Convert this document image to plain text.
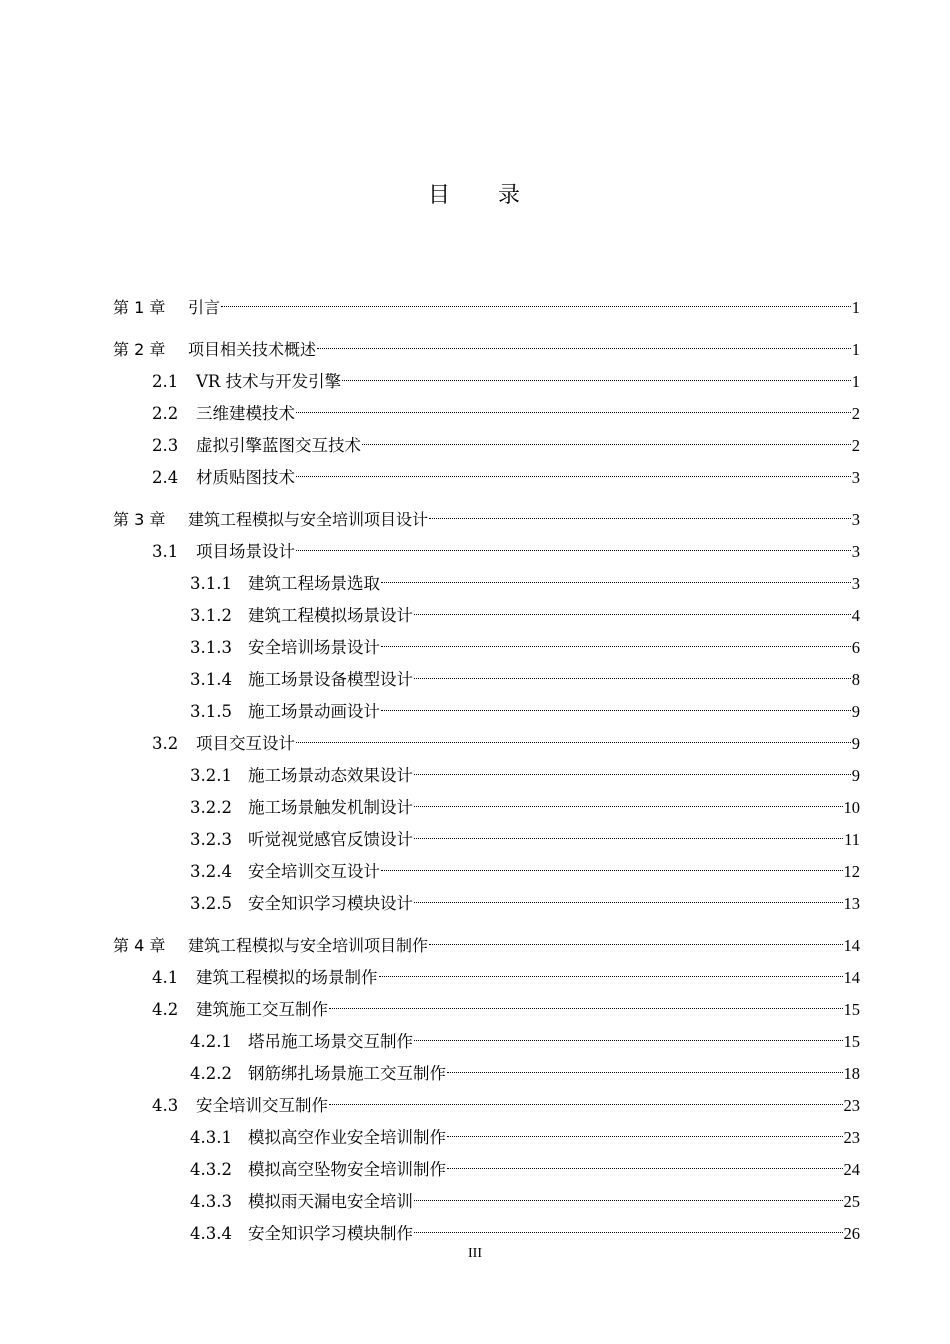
目 录
第 1 章	引言	1
第 2 章	项目相关技术概述	1
2.1	VR 技术与开发引擎	1
2.2	三维建模技术	2
2.3	虚拟引擎蓝图交互技术	2
2.4	材质贴图技术	3
第 3 章	建筑工程模拟与安全培训项目设计	3
3.1	项目场景设计	3
3.1.1 建筑工程场景选取	3
3.1.2 建筑工程模拟场景设计	4
3.1.3 安全培训场景设计	6
3.1.4 施工场景设备模型设计	8
3.1.5 施工场景动画设计	9
3.2	项目交互设计	9
3.2.1 施工场景动态效果设计	9
3.2.2 施工场景触发机制设计	10
3.2.3 听觉视觉感官反馈设计	11
3.2.4 安全培训交互设计	12
3.2.5 安全知识学习模块设计	13
第 4 章	建筑工程模拟与安全培训项目制作	14
4.1	建筑工程模拟的场景制作	14
4.2	建筑施工交互制作	15
4.2.1 塔吊施工场景交互制作	15
4.2.2 钢筋绑扎场景施工交互制作	18
4.3	安全培训交互制作	23
4.3.1 模拟高空作业安全培训制作	23
4.3.2 模拟高空坠物安全培训制作	24
4.3.3 模拟雨天漏电安全培训	25
4.3.4 安全知识学习模块制作	26
III
